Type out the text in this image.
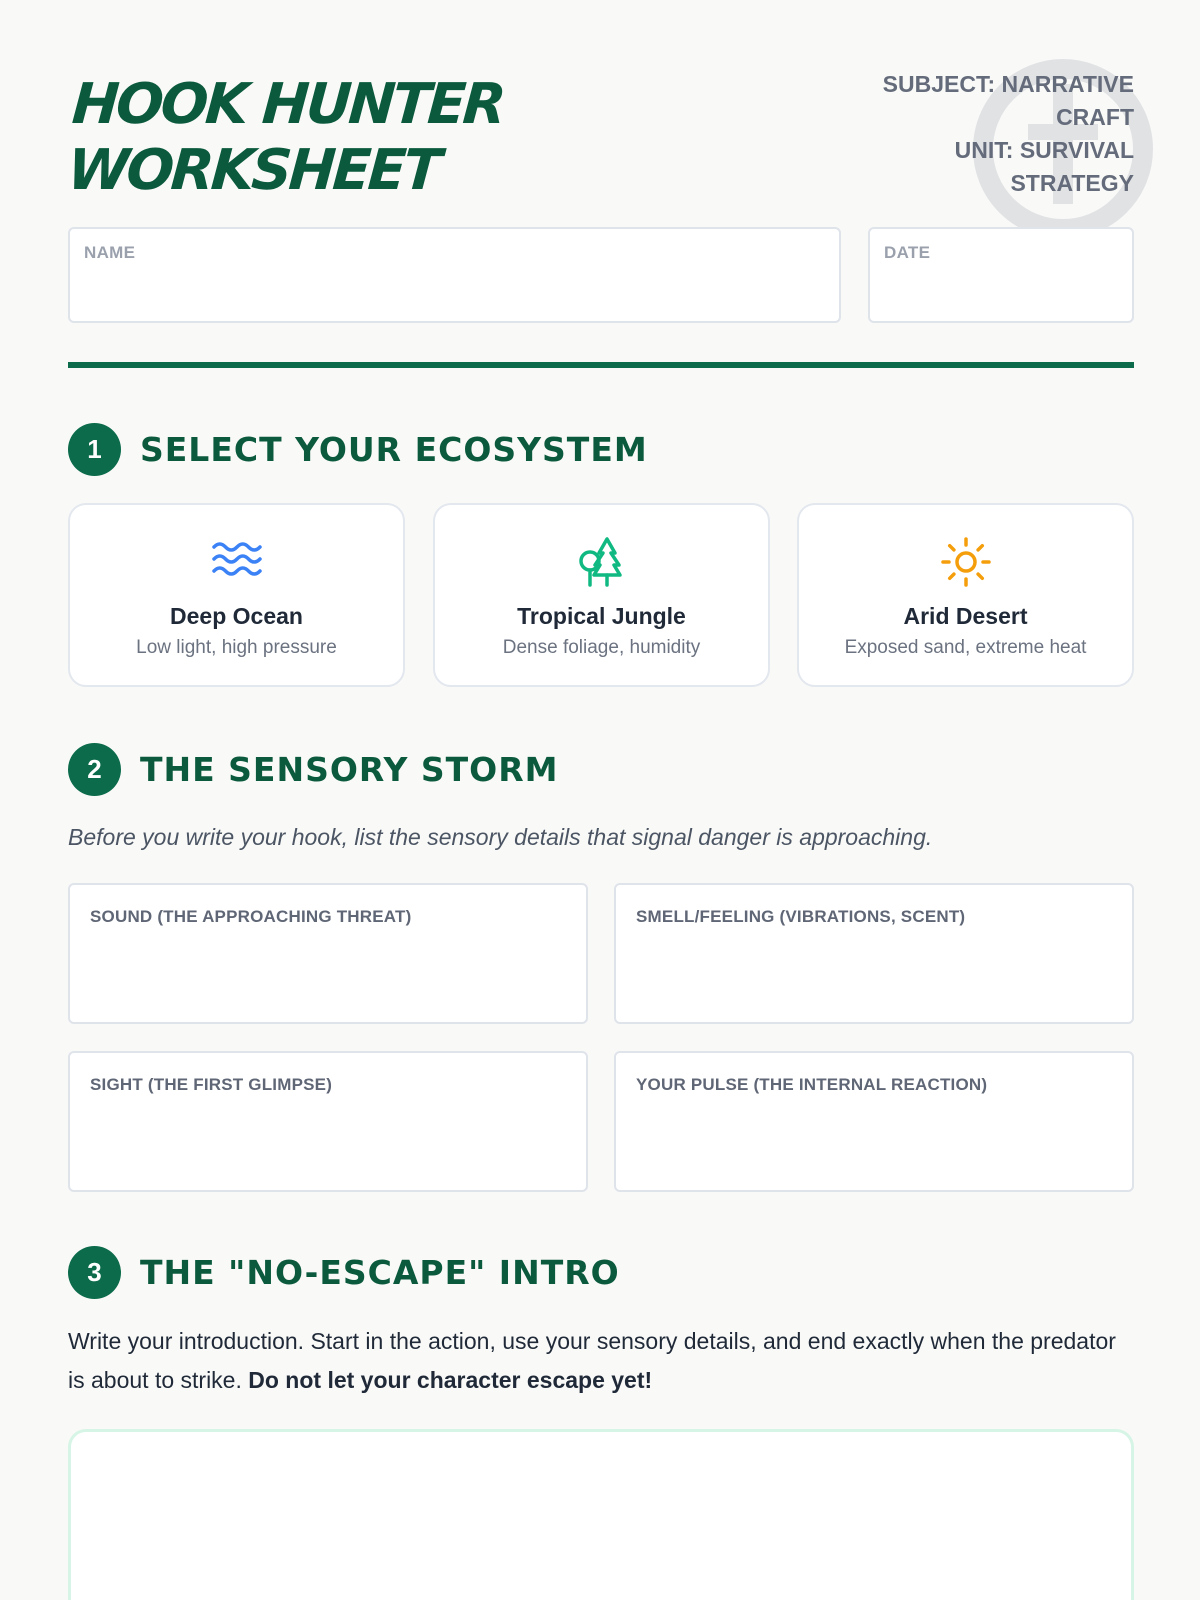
HOOK HUNTER
WORKSHEET
SUBJECT: NARRATIVE CRAFT
UNIT: SURVIVAL STRATEGY
NAME	DATE
1	SELECT YOUR ECOSYSTEM
Deep Ocean
Low light, high pressure
Tropical Jungle
Dense foliage, humidity
Arid Desert
Exposed sand, extreme heat
2	THE SENSORY STORM
Before you write your hook, list the sensory details that signal danger is approaching.
SOUND (THE APPROACHING THREAT)	SMELL/FEELING (VIBRATIONS, SCENT)
SIGHT (THE FIRST GLIMPSE)	YOUR PULSE (THE INTERNAL REACTION)
3	THE "NO-ESCAPE" INTRO
Write your introduction. Start in the action, use your sensory details, and end exactly when the predator is about to strike. Do not let your character escape yet!
